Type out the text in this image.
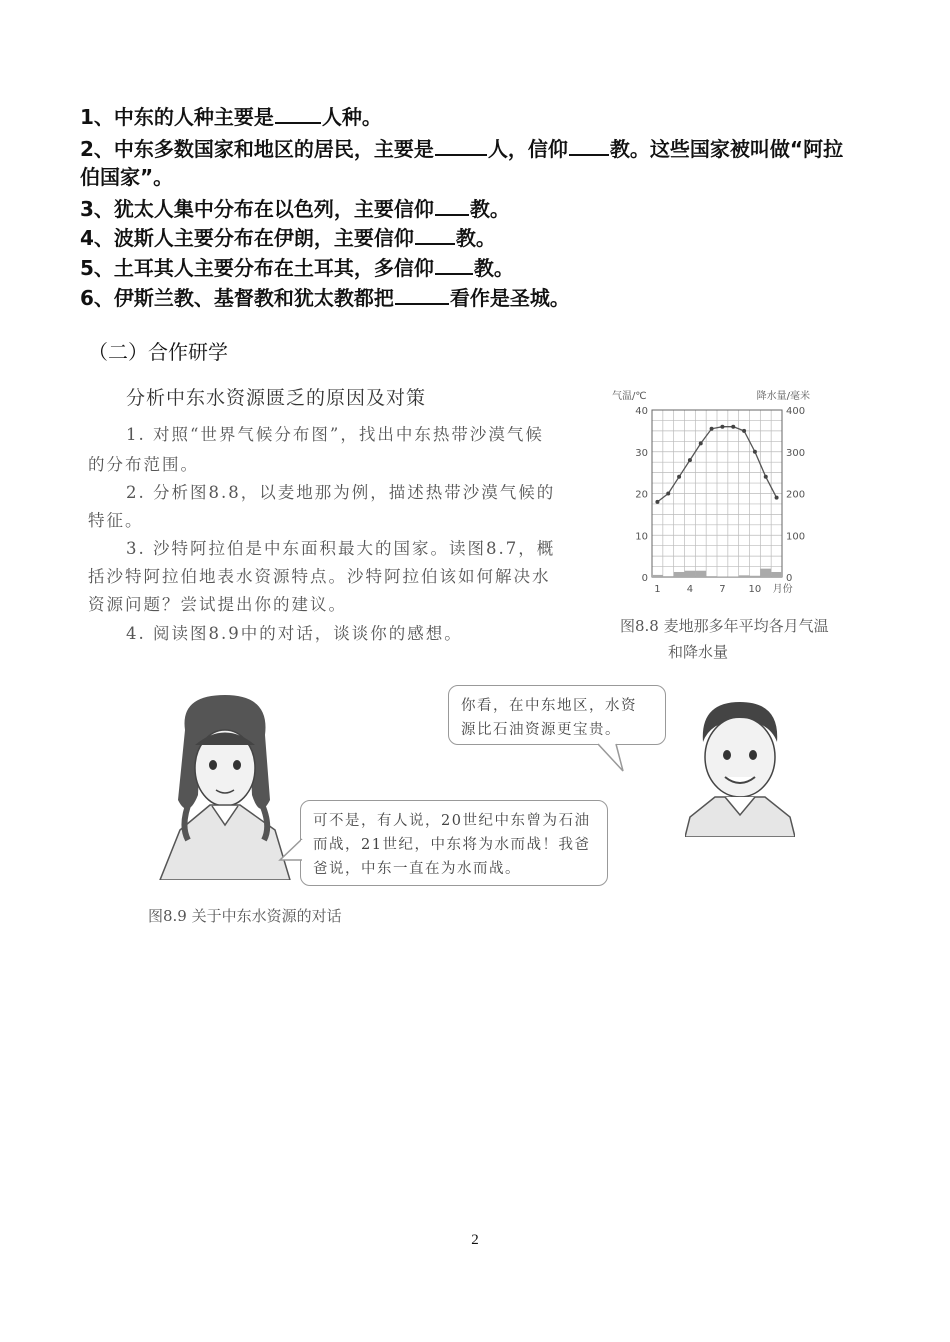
1、中东的人种主要是 人种。
2、中东多数国家和地区的居民，主要是	人，信仰 教。这些国家被叫做“阿拉
伯国家”。
3、犹太人集中分布在以色列，主要信仰 教。
4、波斯人主要分布在伊朗，主要信仰 教。
5、土耳其人主要分布在土耳其，多信仰 教。
6、伊斯兰教、基督教和犹太教都把	看作是圣城。
（二）合作研学
分析中东水资源匮乏的原因及对策
1. 对照“世界气候分布图”，找出中东热带沙漠气候
的分布范围。
2. 分析图8.8，以麦地那为例，描述热带沙漠气候的
特征。
3. 沙特阿拉伯是中东面积最大的国家。读图8.7，概
括沙特阿拉伯地表水资源特点。沙特阿拉伯该如何解决水
资源问题？尝试提出你的建议。
4. 阅读图8.9中的对话，谈谈你的感想。
气温/℃	降水量/毫米
40
30
20
10
0
400
300
200
100
0
1	4	7 10 月份
图8.8 麦地那多年平均各月气温
和降水量
你看，在中东地区，水资
源比石油资源更宝贵。
可不是，有人说，20世纪中东曾为石油
而战，21世纪，中东将为水而战！我爸
爸说，中东一直在为水而战。
图8.9 关于中东水资源的对话
2
